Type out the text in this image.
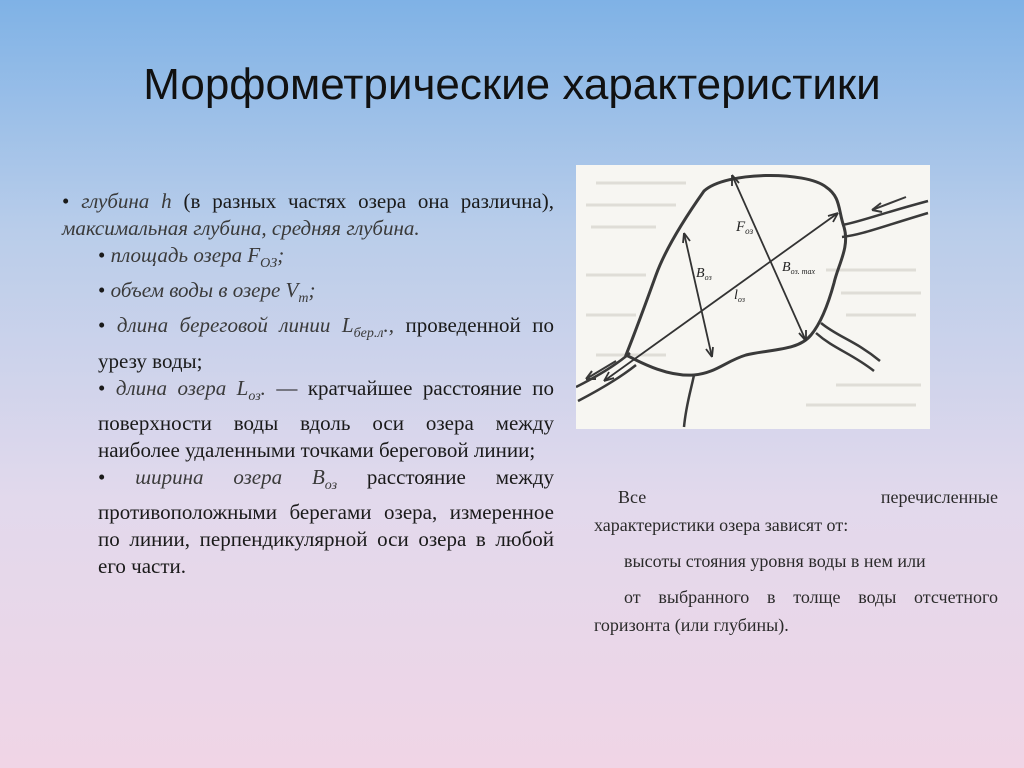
Морфометрические характеристики

• глубина h (в разных частях озера она различна), максимальная глубина, средняя глубина.

• площадь озера $F_{ОЗ}$;

• объем воды в озере $V_m$;

• длина береговой линии $L_{бер.л}$., проведенной по урезу воды;

• длина озера $L_{оз}$. — кратчайшее расстояние по поверхности воды вдоль оси озера между наиболее удаленными точками береговой линии;

• ширина озера $B_{оз}$ расстояние между противоположными берегами озера, измеренное по линии, перпендикулярной оси озера в любой его части.

$F_{oз}$
$B_{oз}$
$B_{oз. max}$
$l_{oз}$

Все	перечисленные

характеристики озера зависят от:

высоты стояния уровня воды в нем или

от выбранного в толще воды отсчетного горизонта (или глубины).
